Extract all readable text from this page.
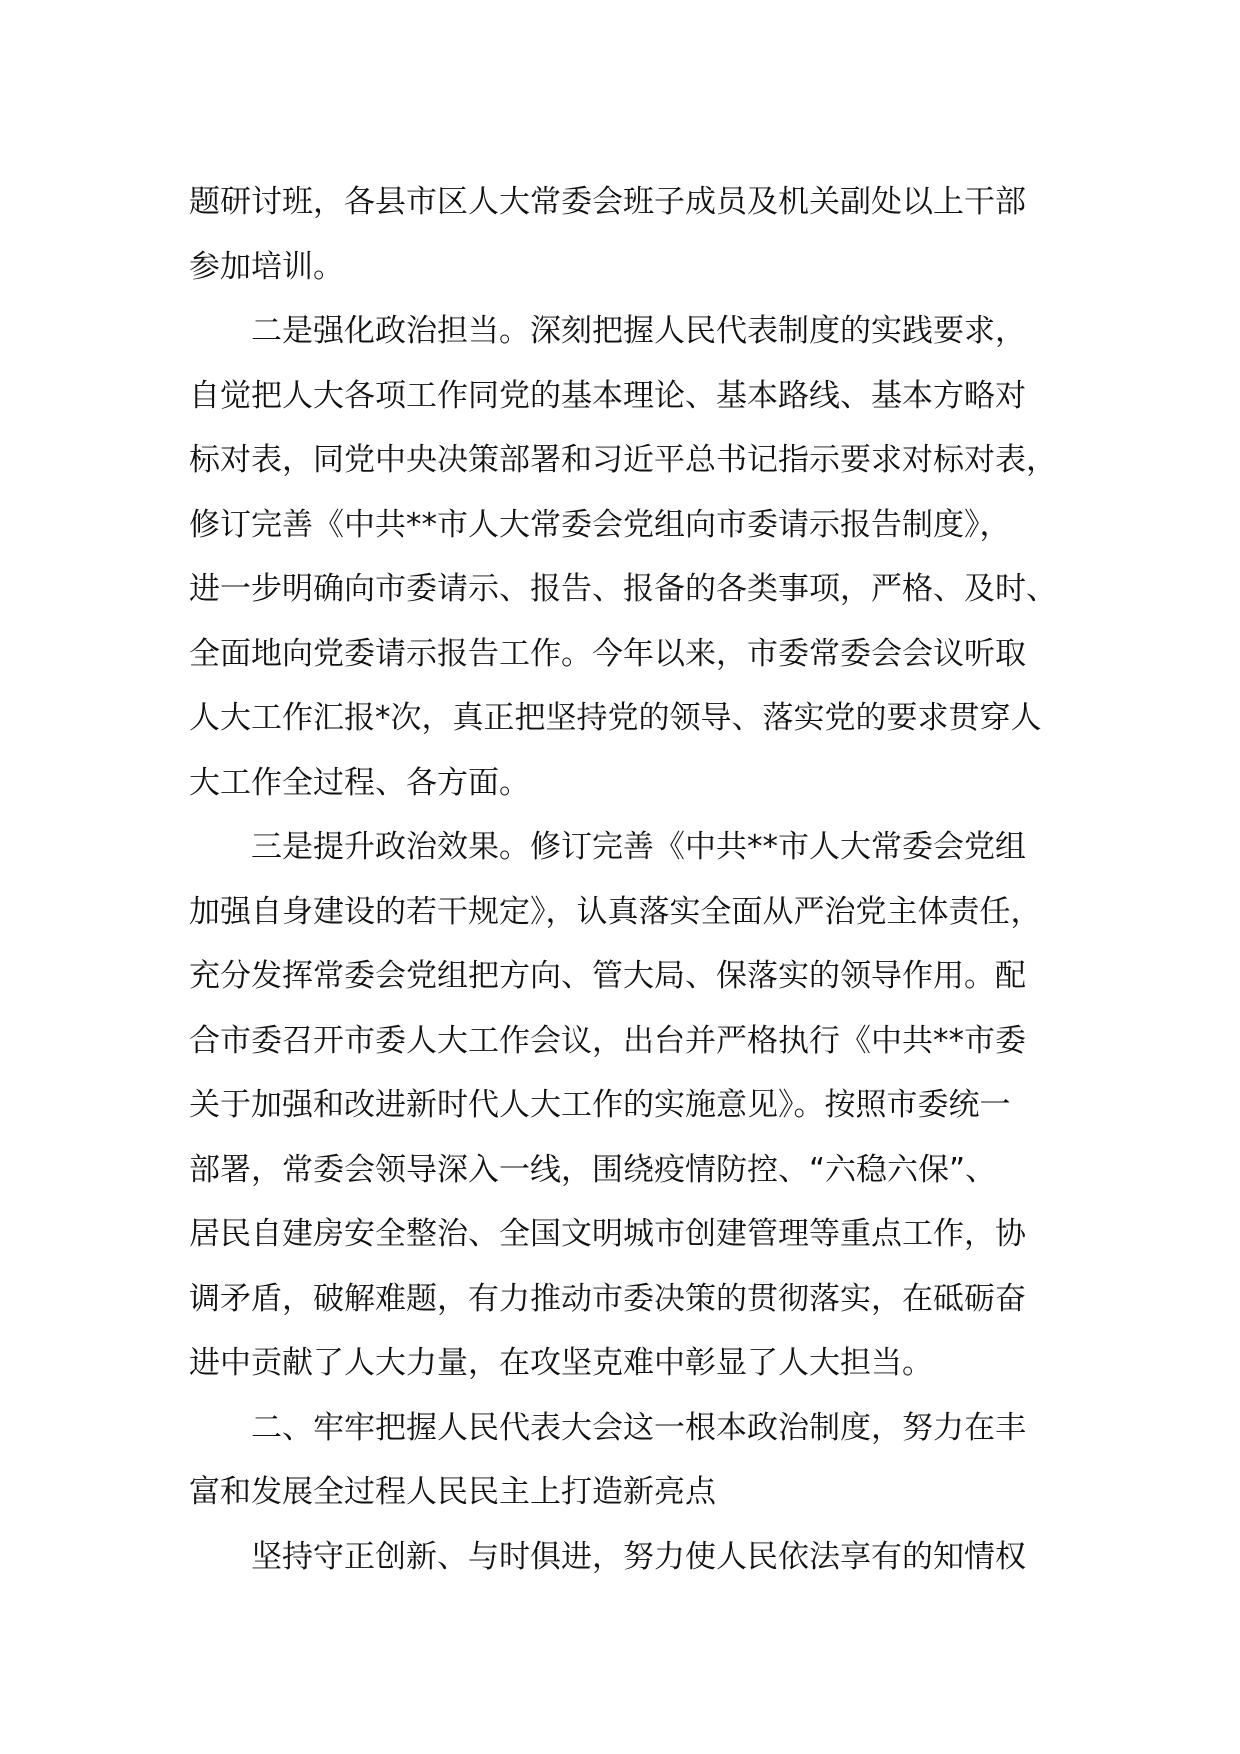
题研讨班，各县市区人大常委会班子成员及机关副处以上干部
参加培训。
二是强化政治担当。深刻把握人民代表制度的实践要求，
自觉把人大各项工作同党的基本理论、基本路线、基本方略对
标对表，同党中央决策部署和习近平总书记指示要求对标对表，
修订完善《中共**市人大常委会党组向市委请示报告制度》，
进一步明确向市委请示、报告、报备的各类事项，严格、及时、
全面地向党委请示报告工作。今年以来，市委常委会会议听取
人大工作汇报*次，真正把坚持党的领导、落实党的要求贯穿人
大工作全过程、各方面。
三是提升政治效果。修订完善《中共**市人大常委会党组
加强自身建设的若干规定》，认真落实全面从严治党主体责任，
充分发挥常委会党组把方向、管大局、保落实的领导作用。配
合市委召开市委人大工作会议，出台并严格执行《中共**市委
关于加强和改进新时代人大工作的实施意见》。按照市委统一
部署，常委会领导深入一线，围绕疫情防控、“六稳六保”、
居民自建房安全整治、全国文明城市创建管理等重点工作，协
调矛盾，破解难题，有力推动市委决策的贯彻落实，在砥砺奋
进中贡献了人大力量，在攻坚克难中彰显了人大担当。
二、牢牢把握人民代表大会这一根本政治制度，努力在丰
富和发展全过程人民民主上打造新亮点
坚持守正创新、与时俱进，努力使人民依法享有的知情权
